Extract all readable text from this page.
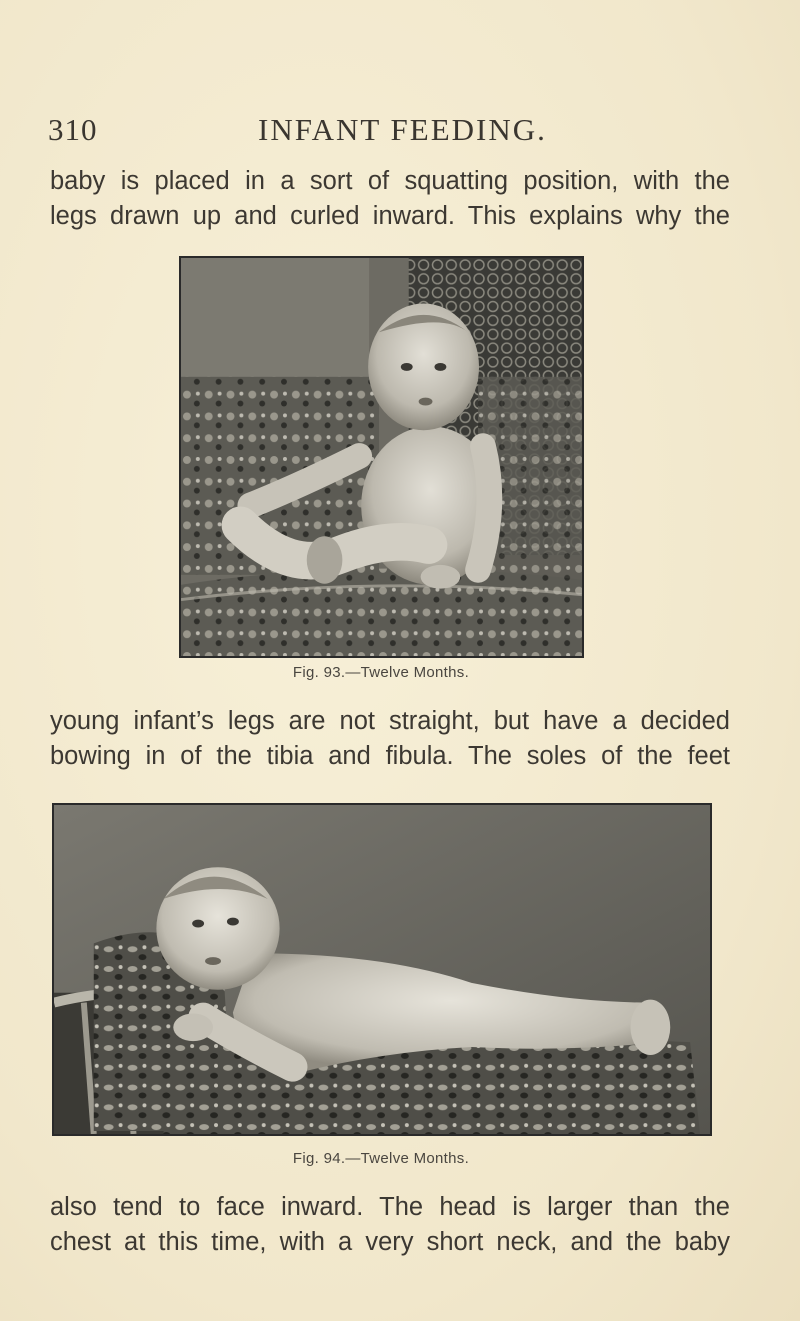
310	INFANT FEEDING.
baby is placed in a sort of squatting position, with the
legs drawn up and curled inward. This explains why the
Fig. 93.—Twelve Months.
young infant’s legs are not straight, but have a decided
bowing in of the tibia and fibula. The soles of the feet
Fig. 94.—Twelve Months.
also tend to face inward. The head is larger than the
chest at this time, with a very short neck, and the baby
